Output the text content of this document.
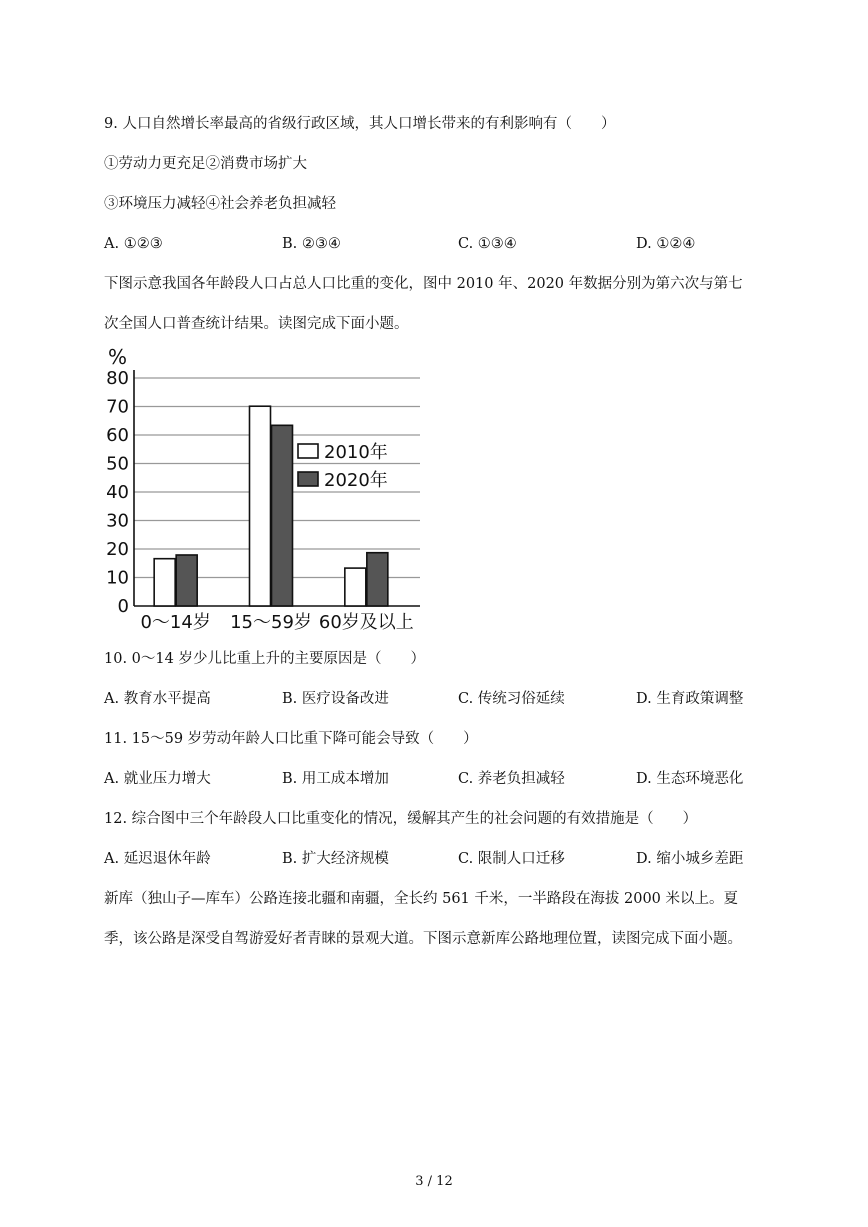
9. 人口自然增长率最高的省级行政区域，其人口增长带来的有利影响有（　　）
①劳动力更充足②消费市场扩大
③环境压力减轻④社会养老负担减轻
A. ①②③	B. ②③④	C. ①③④	D. ①②④
下图示意我国各年龄段人口占总人口比重的变化，图中 2010 年、2020 年数据分别为第六次与第七
次全国人口普查统计结果。读图完成下面小题。
0
10
20
30
40
50
60
70
80
%
0～14岁 15～59岁 60岁及以上
2010年
2020年
10. 0～14 岁少儿比重上升的主要原因是（　　）
A. 教育水平提高	B. 医疗设备改进	C. 传统习俗延续	D. 生育政策调整
11. 15～59 岁劳动年龄人口比重下降可能会导致（　　）
A. 就业压力增大	B. 用工成本增加	C. 养老负担减轻	D. 生态环境恶化
12. 综合图中三个年龄段人口比重变化的情况，缓解其产生的社会问题的有效措施是（　　）
A. 延迟退休年龄	B. 扩大经济规模	C. 限制人口迁移	D. 缩小城乡差距
新库（独山子—库车）公路连接北疆和南疆，全长约 561 千米，一半路段在海拔 2000 米以上。夏
季，该公路是深受自驾游爱好者青睐的景观大道。下图示意新库公路地理位置，读图完成下面小题。
3 / 12
